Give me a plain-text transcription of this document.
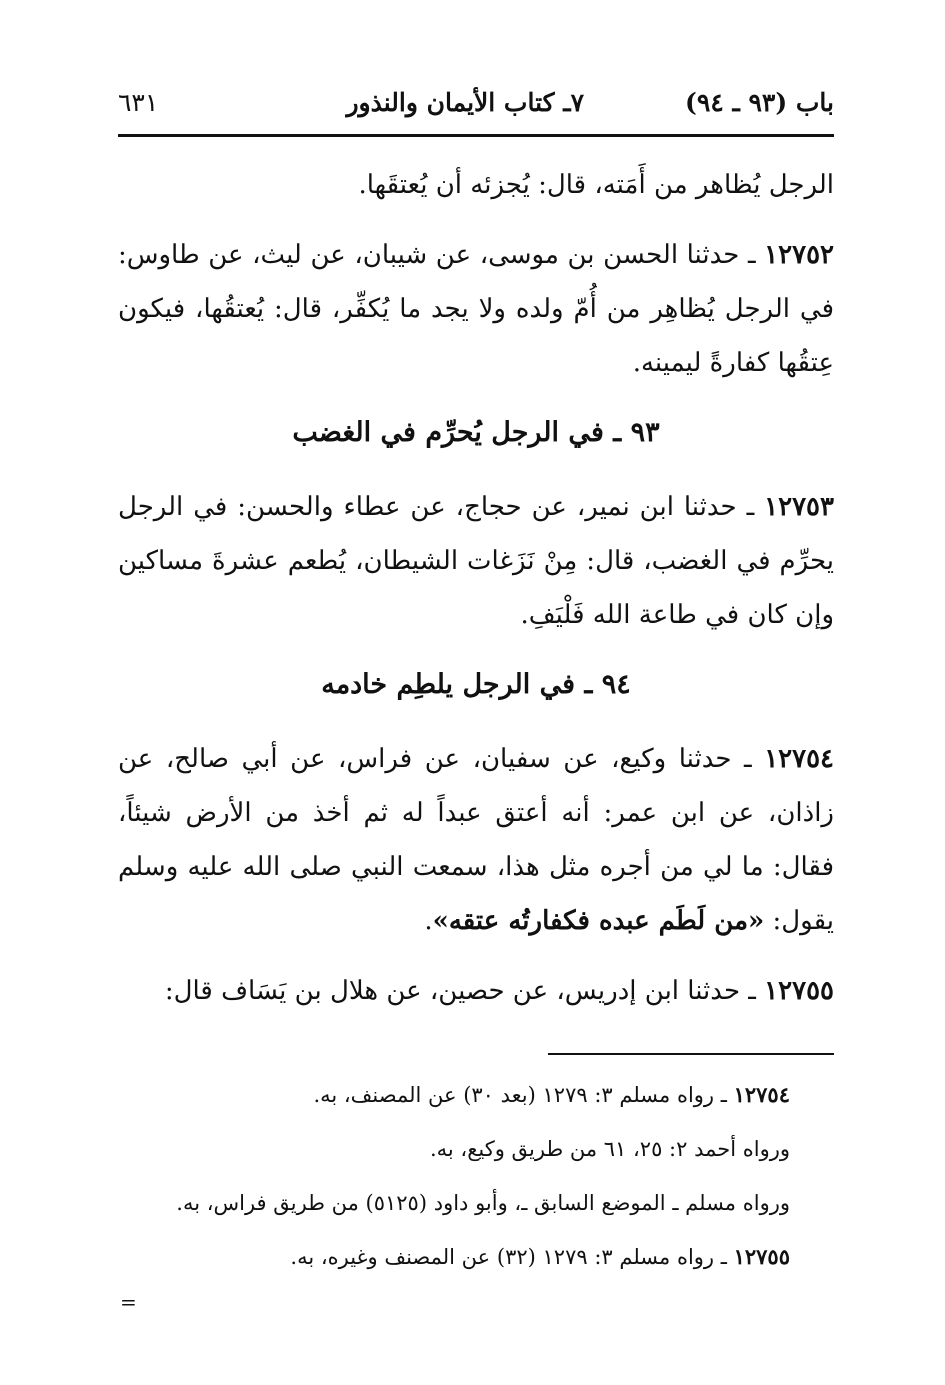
باب (٩٣ ـ ٩٤)
٧ـ كتاب الأيمان والنذور
٦٣١

الرجل يُظاهر من أَمَته، قال: يُجزئه أن يُعتقَها.

١٢٧٥٢ ـ حدثنا الحسن بن موسى، عن شيبان، عن ليث، عن طاوس: في الرجل يُظاهِر من أُمّ ولده ولا يجد ما يُكفِّر، قال: يُعتقُها، فيكون عِتقُها كفارةً ليمينه.

٩٣ ـ في الرجل يُحرِّم في الغضب

١٢٧٥٣ ـ حدثنا ابن نمير، عن حجاج، عن عطاء والحسن: في الرجل يحرِّم في الغضب، قال: مِنْ نَزَغات الشيطان، يُطعم عشرةَ مساكين وإن كان في طاعة الله فَلْيَفِ.

٩٤ ـ في الرجل يلطِم خادمه

١٢٧٥٤ ـ حدثنا وكيع، عن سفيان، عن فراس، عن أبي صالح، عن زاذان، عن ابن عمر: أنه أعتق عبداً له ثم أخذ من الأرض شيئاً، فقال: ما لي من أجره مثل هذا، سمعت النبي صلى الله عليه وسلم يقول: «من لَطَم عبده فكفارتُه عتقه».

١٢٧٥٥ ـ حدثنا ابن إدريس، عن حصين، عن هلال بن يَسَاف قال:

١٢٧٥٤ ـ رواه مسلم ٣: ١٢٧٩ (بعد ٣٠) عن المصنف، به.

ورواه أحمد ٢: ٢٥، ٦١ من طريق وكيع، به.

ورواه مسلم ـ الموضع السابق ـ، وأبو داود (٥١٢٥) من طريق فراس، به.

١٢٧٥٥ ـ رواه مسلم ٣: ١٢٧٩ (٣٢) عن المصنف وغيره، به.

=
